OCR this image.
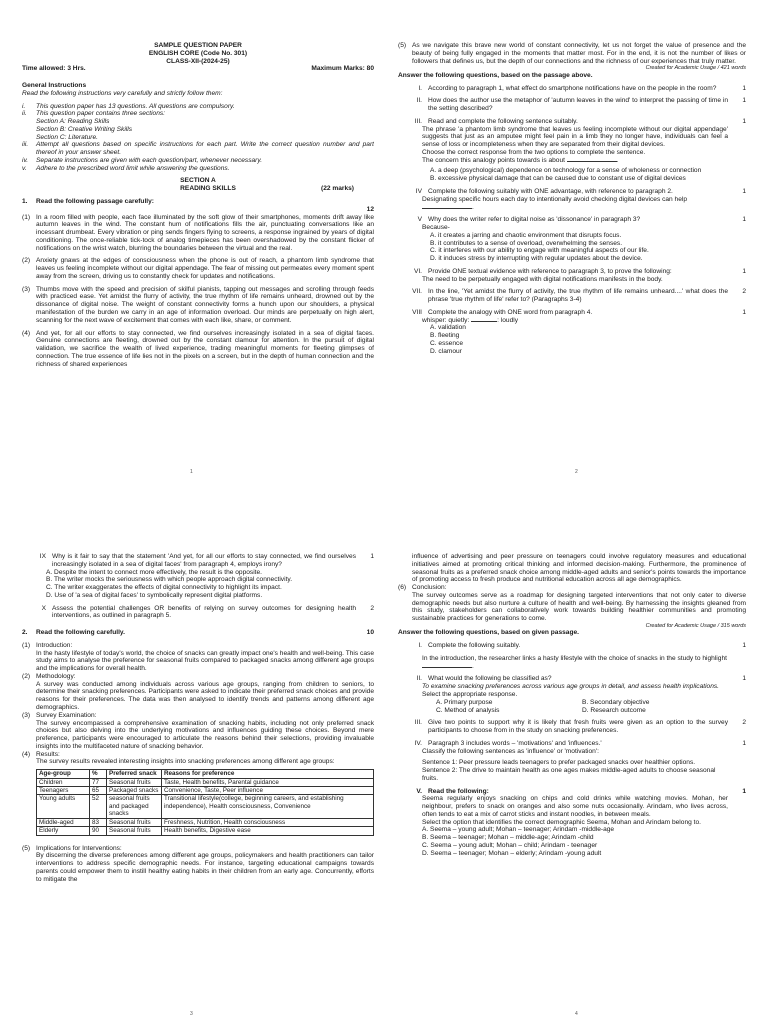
SAMPLE QUESTION PAPER

ENGLISH CORE (Code No. 301)

CLASS-XII-(2024-25)

Time allowed: 3 Hrs.	Maximum Marks: 80

General Instructions

Read the following instructions very carefully and strictly follow them:

i.	This question paper has 13 questions. All questions are compulsory.
ii.	This question paper contains three sections:
Section A: Reading Skills
Section B: Creative Writing Skills
Section C: Literature.
iii.	Attempt all questions based on specific instructions for each part. Write the correct question number and part thereof in your answer sheet.
iv.	Separate instructions are given with each question/part, whenever necessary.
v.	Adhere to the prescribed word limit while answering the questions.

SECTION A

READING SKILLS	(22 marks)
1.	Read the following passage carefully:

12

(1) In a room filled with people, each face illuminated by the soft glow of their smartphones, moments drift away like autumn leaves in the wind. The constant hum of notifications fills the air, punctuating conversations like an incessant drumbeat. Every vibration or ping sends fingers flying to screens, a response ingrained by years of digital conditioning. The once-reliable tick-tock of analog timepieces has been overshadowed by the constant flicker of notifications on the wrist watch, blurring the boundaries between the virtual and the real.
(2) Anxiety gnaws at the edges of consciousness when the phone is out of reach, a phantom limb syndrome that leaves us feeling incomplete without our digital appendage. The fear of missing out permeates every moment spent away from the screen, driving us to constantly check for updates and notifications.
(3) Thumbs move with the speed and precision of skilful pianists, tapping out messages and scrolling through feeds with practiced ease. Yet amidst the flurry of activity, the true rhythm of life remains unheard, drowned out by the dissonance of digital noise. The weight of constant connectivity forms a hunch upon our shoulders, a physical manifestation of the burden we carry in an age of information overload. Our minds are perpetually on high alert, scanning for the next wave of excitement that comes with each like, share, or comment.
(4) And yet, for all our efforts to stay connected, we find ourselves increasingly isolated in a sea of digital faces. Genuine connections are fleeting, drowned out by the constant clamour for attention. In the pursuit of digital validation, we sacrifice the wealth of lived experience, trading meaningful moments for fleeting glimpses of connection. The true essence of life lies not in the pixels on a screen, but in the depth of human connection and the richness of shared experiences
1
(5) As we navigate this brave new world of constant connectivity, let us not forget the value of presence and the beauty of being fully engaged in the moments that matter most. For in the end, it is not the number of likes or followers that defines us, but the depth of our connections and the richness of our experiences that truly matter.

Created for Academic Usage / 421 words

Answer the following questions, based on the passage above.

I. According to paragraph 1, what effect do smartphone notifications have on the people in the room?	1
II. How does the author use the metaphor of 'autumn leaves in the wind' to interpret the passing of time in the setting described?
1
III. Read and complete the following sentence suitably.	1

The phrase 'a phantom limb syndrome that leaves us feeling incomplete without our digital appendage' suggests that just as an amputee might feel pain in a limb they no longer have, individuals can feel a sense of loss or incompleteness when they are separated from their digital devices.

Choose the correct response from the two options to complete the sentence.

The concern this analogy points towards is about	.

A. a deep (psychological) dependence on technology for a sense of wholeness or connection

B. excessive physical damage that can be caused due to constant use of digital devices

IV Complete the following suitably with ONE advantage, with reference to paragraph 2.	1

Designating specific hours each day to intentionally avoid checking digital devices can help .

V Why does the writer refer to digital noise as 'dissonance' in paragraph 3?	1

Because-

A. it creates a jarring and chaotic environment that disrupts focus.

B. it contributes to a sense of overload, overwhelming the senses.

C. it interferes with our ability to engage with meaningful aspects of our life.

D. it induces stress by interrupting with regular updates about the device.

VI. Provide ONE textual evidence with reference to paragraph 3, to prove the following:	1

The need to be perpetually engaged with digital notifications manifests in the body.

VII. In the line, 'Yet amidst the flurry of activity, the true rhythm of life remains unheard....' what does the phrase 'true rhythm of life' refer to? (Paragraphs 3-4)
2
VIII Complete the analogy with ONE word from paragraph 4.	1

whisper: quietly:	: loudly

A. validation

B. fleeting

C. essence

D. clamour

2
IX Why is it fair to say that the statement 'And yet, for all our efforts to stay connected, we find ourselves increasingly isolated in a sea of digital faces' from paragraph 4, employs irony?
1

A. Despite the intent to connect more effectively, the result is the opposite.

B. The writer mocks the seriousness with which people approach digital connectivity.

C. The writer exaggerates the effects of digital connectivity to highlight its impact.

D. Use of 'a sea of digital faces' to symbolically represent digital platforms.

X Assess the potential challenges OR benefits of relying on survey outcomes for designing health interventions, as outlined in paragraph 5.
2
2.	Read the following carefully.	10
(1) Introduction:
In the hasty lifestyle of today's world, the choice of snacks can greatly impact one's health and well-being. This case study aims to analyse the preference for seasonal fruits compared to packaged snacks among different age groups and the implications for overall health.
(2) Methodology:
A survey was conducted among individuals across various age groups, ranging from children to seniors, to determine their snacking preferences. Participants were asked to indicate their preferred snack choices and provide reasons for their preferences. The data was then analysed to identify trends and patterns among different age demographics.
(3) Survey Examination:
The survey encompassed a comprehensive examination of snacking habits, including not only preferred snack choices but also delving into the underlying motivations and influences guiding these choices. Beyond mere preference, participants were encouraged to articulate the reasons behind their selections, providing invaluable insights into the multifaceted nature of snacking behavior.
(4) Results:
The survey results revealed interesting insights into snacking preferences among different age groups:
Age-group	%	Preferred snack	Reasons for preference
Children	77	Seasonal fruits	Taste, Health benefits, Parental guidance
Teenagers	65	Packaged snacks	Convenience, Taste, Peer influence
Young adults	52	seasonal fruits and packaged snacks	Transitional lifestyle(college, beginning careers, and establishing independence), Health consciousness, Convenience
Middle-aged	83	Seasonal fruits	Freshness, Nutrition, Health consciousness
Elderly	90	Seasonal fruits	Health benefits, Digestive ease
(5) Implications for Interventions:
By discerning the diverse preferences among different age groups, policymakers and health practitioners can tailor interventions to address specific demographic needs. For instance, targeting educational campaigns towards parents could empower them to instill healthy eating habits in their children from an early age. Concurrently, efforts to mitigate the
3
influence of advertising and peer pressure on teenagers could involve regulatory measures and educational initiatives aimed at promoting critical thinking and informed decision-making. Furthermore, the prominence of seasonal fruits as a preferred snack choice among middle-aged adults and senior's points towards the importance of promoting access to fresh produce and nutritional education across all age demographics.
(6) Conclusion:
The survey outcomes serve as a roadmap for designing targeted interventions that not only cater to diverse demographic needs but also nurture a culture of health and well-being. By harnessing the insights gleaned from this study, stakeholders can collaboratively work towards building healthier communities and promoting sustainable practices for generations to come.

Created for Academic Usage / 315 words

Answer the following questions, based on given passage.

I. Complete the following suitably.	1

In the introduction, the researcher links a hasty lifestyle with the choice of snacks in the study to highlight .

II. What would the following be classified as?	1

To examine snacking preferences across various age groups in detail, and assess health implications.

Select the appropriate response.

A. Primary purpose	B. Secondary objective
C. Method of analysis	D. Research outcome
III. Give two points to support why it is likely that fresh fruits were given as an option to the survey participants to choose from in the study on snacking preferences.
2
IV. Paragraph 3 includes words – 'motivations' and 'influences.'	1

Classify the following sentences as 'influence' or 'motivation':

Sentence 1: Peer pressure leads teenagers to prefer packaged snacks over healthier options.

Sentence 2: The drive to maintain health as one ages makes middle-aged adults to choose seasonal fruits.

V. Read the following:	1

Seema regularly enjoys snacking on chips and cold drinks while watching movies. Mohan, her neighbour, prefers to snack on oranges and also some nuts occasionally. Arindam, who lives across, often tends to eat a mix of carrot sticks and instant noodles, in between meals.

Select the option that identifies the correct demographic Seema, Mohan and Arindam belong to.

A. Seema – young adult; Mohan – teenager; Arindam -middle-age

B. Seema – teenager; Mohan – middle-age; Arindam -child

C. Seema – young adult; Mohan – child; Arindam - teenager

D. Seema – teenager; Mohan – elderly; Arindam -young adult

4
